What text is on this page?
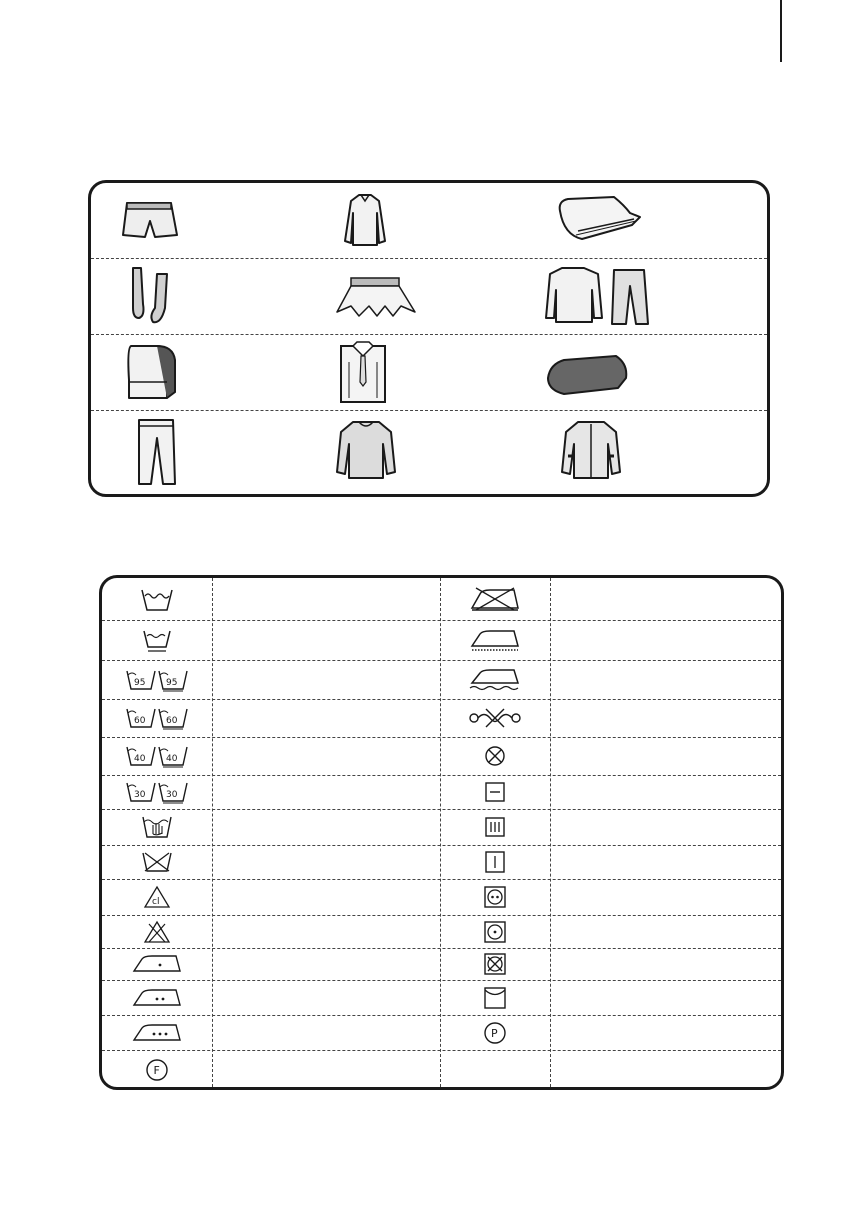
95 95
60 60
40 40
30 30
cl
P
F
